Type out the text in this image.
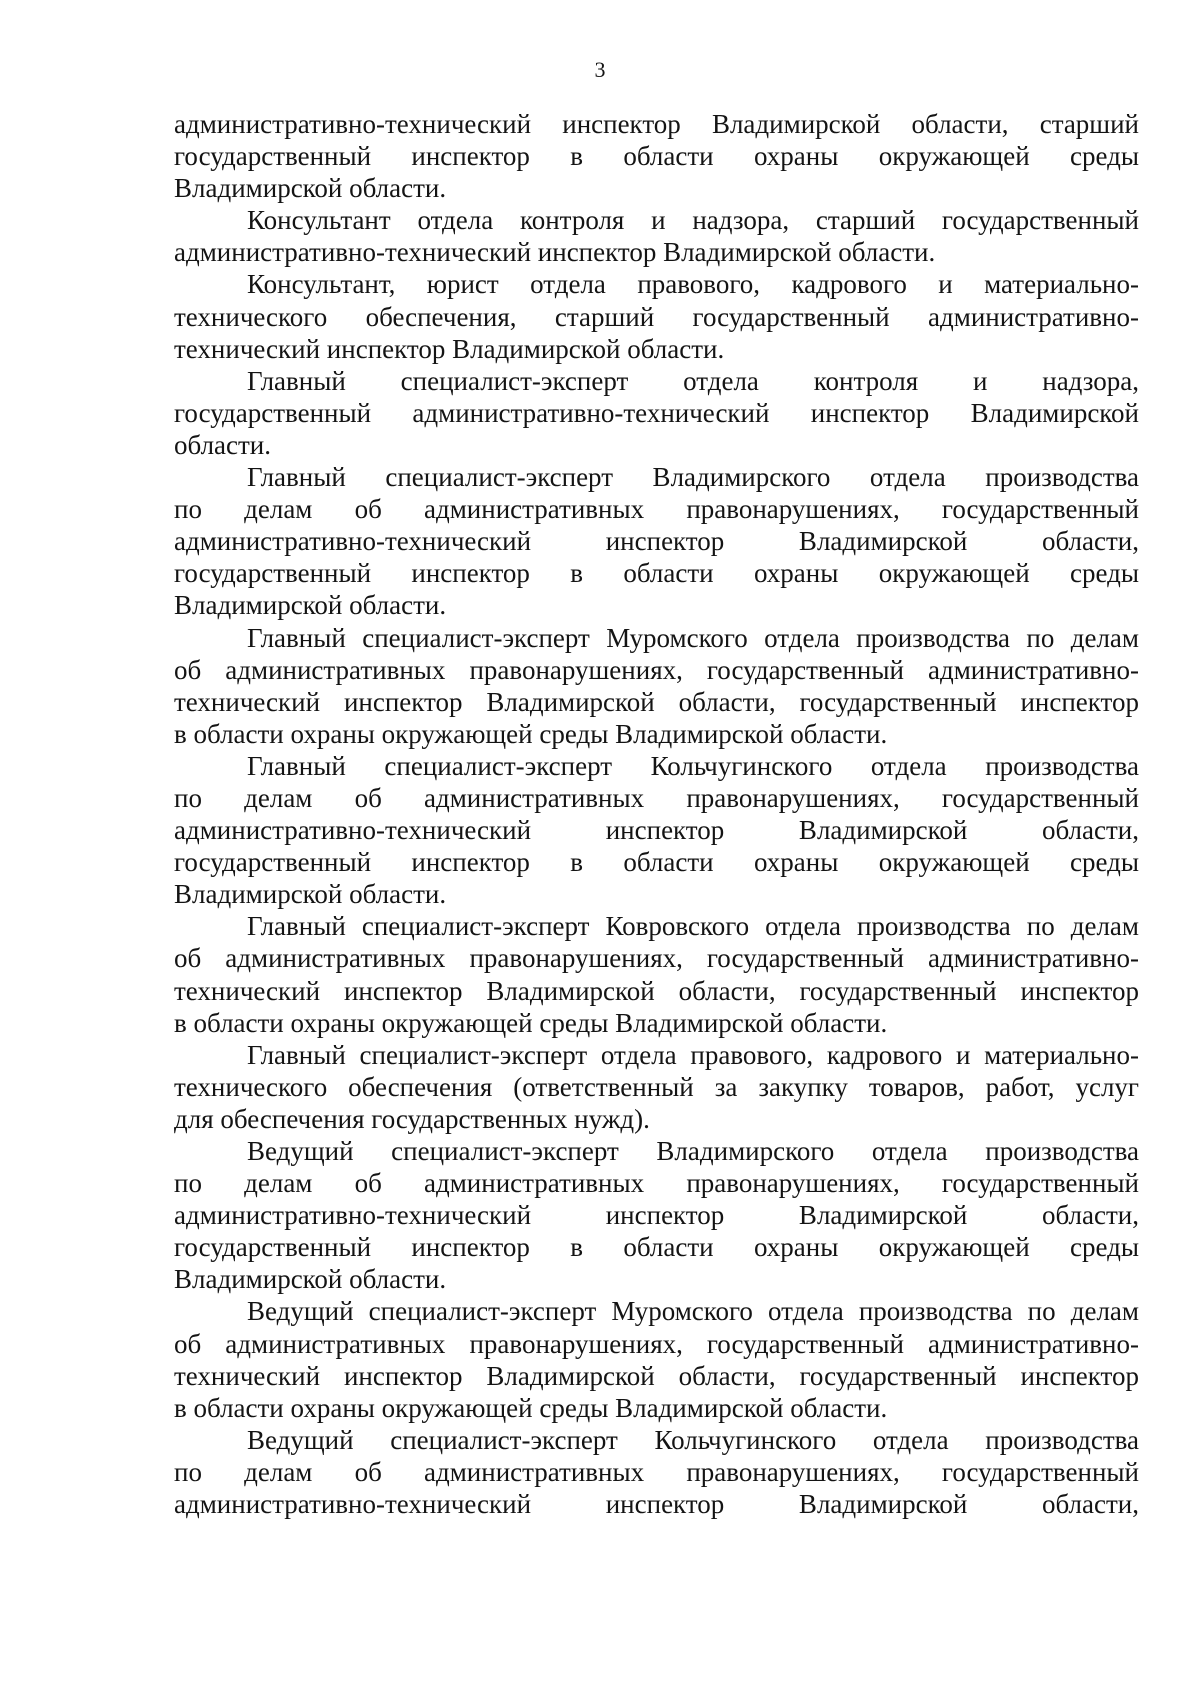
3
административно-технический инспектор Владимирской области, старший
государственный инспектор в области охраны окружающей среды
Владимирской области.
Консультант отдела контроля и надзора, старший государственный
административно-технический инспектор Владимирской области.
Консультант, юрист отдела правового, кадрового и материально-
технического обеспечения, старший государственный административно-
технический инспектор Владимирской области.
Главный специалист-эксперт отдела контроля и надзора,
государственный административно-технический инспектор Владимирской
области.
Главный специалист-эксперт Владимирского отдела производства
по делам об административных правонарушениях, государственный
административно-технический инспектор Владимирской области,
государственный инспектор в области охраны окружающей среды
Владимирской области.
Главный специалист-эксперт Муромского отдела производства по делам
об административных правонарушениях, государственный административно-
технический инспектор Владимирской области, государственный инспектор
в области охраны окружающей среды Владимирской области.
Главный специалист-эксперт Кольчугинского отдела производства
по делам об административных правонарушениях, государственный
административно-технический инспектор Владимирской области,
государственный инспектор в области охраны окружающей среды
Владимирской области.
Главный специалист-эксперт Ковровского отдела производства по делам
об административных правонарушениях, государственный административно-
технический инспектор Владимирской области, государственный инспектор
в области охраны окружающей среды Владимирской области.
Главный специалист-эксперт отдела правового, кадрового и материально-
технического обеспечения (ответственный за закупку товаров, работ, услуг
для обеспечения государственных нужд).
Ведущий специалист-эксперт Владимирского отдела производства
по делам об административных правонарушениях, государственный
административно-технический инспектор Владимирской области,
государственный инспектор в области охраны окружающей среды
Владимирской области.
Ведущий специалист-эксперт Муромского отдела производства по делам
об административных правонарушениях, государственный административно-
технический инспектор Владимирской области, государственный инспектор
в области охраны окружающей среды Владимирской области.
Ведущий специалист-эксперт Кольчугинского отдела производства
по делам об административных правонарушениях, государственный
административно-технический инспектор Владимирской области,
